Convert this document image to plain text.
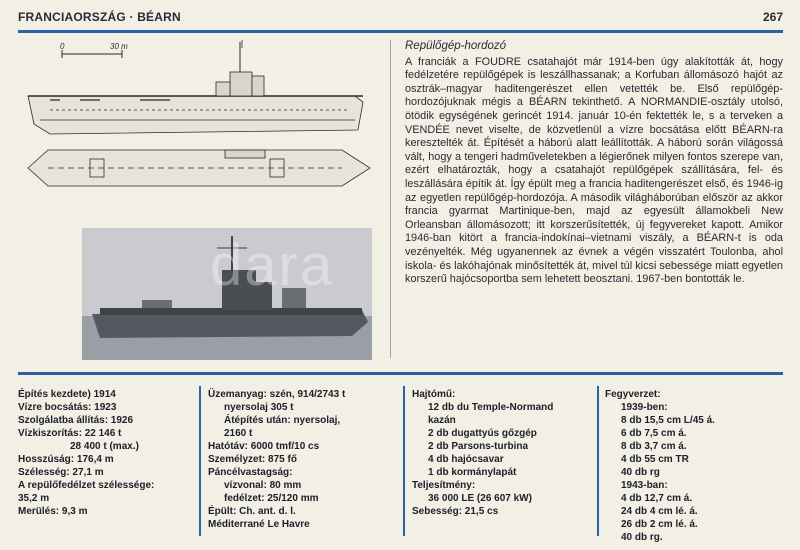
FRANCIAORSZÁG · BÉARN	267
0	30 m
dara
Repülőgép-hordozó

A franciák a FOUDRE csatahajót már 1914-ben úgy alakították át, hogy fedélzetére repülőgépek is leszállhassanak; a Korfuban állomásozó hajót az osztrák–magyar haditengerészet ellen vetették be. Első repülőgép-hordozójuknak mégis a BÉARN tekinthető. A NORMANDIE-osztály utolsó, ötödik egységének gerincét 1914. január 10-én fektették le, s a terveken a VENDÉE nevet viselte, de közvetlenül a vízre bocsátása előtt BÉARN-ra keresztelték át. Építését a háború alatt leállították. A háború során világossá vált, hogy a tengeri hadműveletekben a légierőnek milyen fontos szerepe van, ezért elhatározták, hogy a csatahajót repülőgépek szállítására, fel- és leszállására építik át. Így épült meg a francia haditengerészet első, és 1946-ig az egyetlen repülőgép-hordozója. A második világháborúban először az akkor francia gyarmat Martinique-ben, majd az egyesült államokbeli New Orleansban állomásozott; itt korszerűsítették, új fegyvereket kapott. Amikor 1946-ban kitört a francia-indokínai–vietnami viszály, a BÉARN-t is oda vezényelték. Még ugyanennek az évnek a végén visszatért Toulonba, ahol iskola- és lakóhajónak minősítették át, mivel túl kicsi sebessége miatt egyetlen korszerű hajócsoportba sem lehetett beosztani. 1967-ben bontották le.

Építés kezdete) 1914
Vízre bocsátás: 1923
Szolgálatba állítás: 1926
Vízkiszorítás: 22 146 t
28 400 t (max.)
Hosszúság: 176,4 m
Szélesség: 27,1 m
A repülőfedélzet szélessége:
35,2 m
Merülés: 9,3 m
Üzemanyag: szén, 914/2743 t
nyersolaj 305 t
Átépítés után: nyersolaj,
2160 t
Hatótáv: 6000 tmf/10 cs
Személyzet: 875 fő
Páncélvastagság:
vízvonal: 80 mm
fedélzet: 25/120 mm
Épült: Ch. ant. d. l.
Méditerrané Le Havre
Hajtómű:
12 db du Temple-Normand
kazán
2 db dugattyús gőzgép
2 db Parsons-turbina
4 db hajócsavar
1 db kormánylapát
Teljesítmény:
36 000 LE (26 607 kW)
Sebesség: 21,5 cs
Fegyverzet:
1939-ben:
8 db 15,5 cm L/45 á.
6 db 7,5 cm á.
8 db 3,7 cm á.
4 db 55 cm TR
40 db rg
1943-ban:
4 db 12,7 cm á.
24 db 4 cm lé. á.
26 db 2 cm lé. á.
40 db rg.
